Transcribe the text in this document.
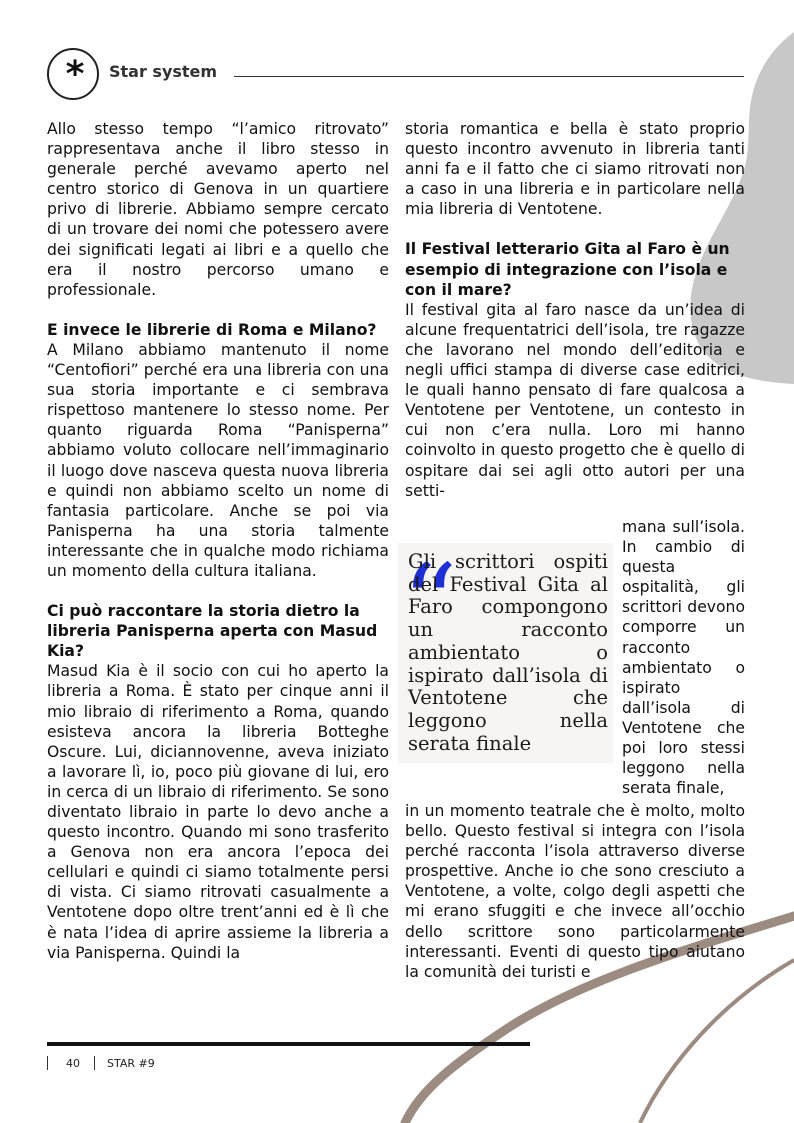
*	Star system

Allo stesso tempo “l’amico ritrovato” rappresentava anche il libro stesso in generale perché avevamo aperto nel centro storico di Genova in un quartiere privo di librerie. Abbiamo sempre cercato di un trovare dei nomi che potessero avere dei significati legati ai libri e a quello che era il nostro percorso umano e professionale.

E invece le librerie di Roma e Milano?

A Milano abbiamo mantenuto il nome “Centofiori” perché era una libreria con una sua storia importante e ci sembrava rispettoso mantenere lo stesso nome. Per quanto riguarda Roma “Panisperna” abbiamo voluto collocare nell’immaginario il luogo dove nasceva questa nuova libreria e quindi non abbiamo scelto un nome di fantasia particolare. Anche se poi via Panisperna ha una storia talmente interessante che in qualche modo richiama un momento della cultura italiana.

Ci può raccontare la storia dietro la libreria Panisperna aperta con Masud Kia?

Masud Kia è il socio con cui ho aperto la libreria a Roma. È stato per cinque anni il mio libraio di riferimento a Roma, quando esisteva ancora la libreria Botteghe Oscure. Lui, diciannovenne, aveva iniziato a lavorare lì, io, poco più giovane di lui, ero in cerca di un libraio di riferimento. Se sono diventato libraio in parte lo devo anche a questo incontro. Quando mi sono trasferito a Genova non era ancora l’epoca dei cellulari e quindi ci siamo totalmente persi di vista. Ci siamo ritrovati casualmente a Ventotene dopo oltre trent’anni ed è lì che è nata l’idea di aprire assieme la libreria a via Panisperna. Quindi la

storia romantica e bella è stato proprio questo incontro avvenuto in libreria tanti anni fa e il fatto che ci siamo ritrovati non a caso in una libreria e in particolare nella mia libreria di Ventotene.

Il Festival letterario Gita al Faro è un esempio di integrazione con l’isola e con il mare?

Il festival gita al faro nasce da un’idea di alcune frequentatrici dell’isola, tre ragazze che lavorano nel mondo dell’editoria e negli uffici stampa di diverse case editrici, le quali hanno pensato di fare qualcosa a Ventotene per Ventotene, un contesto in cui non c’era nulla. Loro mi hanno coinvolto in questo progetto che è quello di ospitare dai sei agli otto autori per una setti-

“
Gli scrittori ospiti del Festival Gita al Faro compongono un racconto ambientato o ispirato dall’isola di Ventotene che leggono nella serata finale

mana sull’isola. In cambio di questa ospitalità, gli scrittori devono comporre un racconto ambientato o ispirato dall’isola di Ventotene che poi loro stessi leggono nella serata finale,

in un momento teatrale che è molto, molto bello. Questo festival si integra con l’isola perché racconta l’isola attraverso diverse prospettive. Anche io che sono cresciuto a Ventotene, a volte, colgo degli aspetti che mi erano sfuggiti e che invece all’occhio dello scrittore sono particolarmente interessanti. Eventi di questo tipo aiutano la comunità dei turisti e

40 STAR #9
